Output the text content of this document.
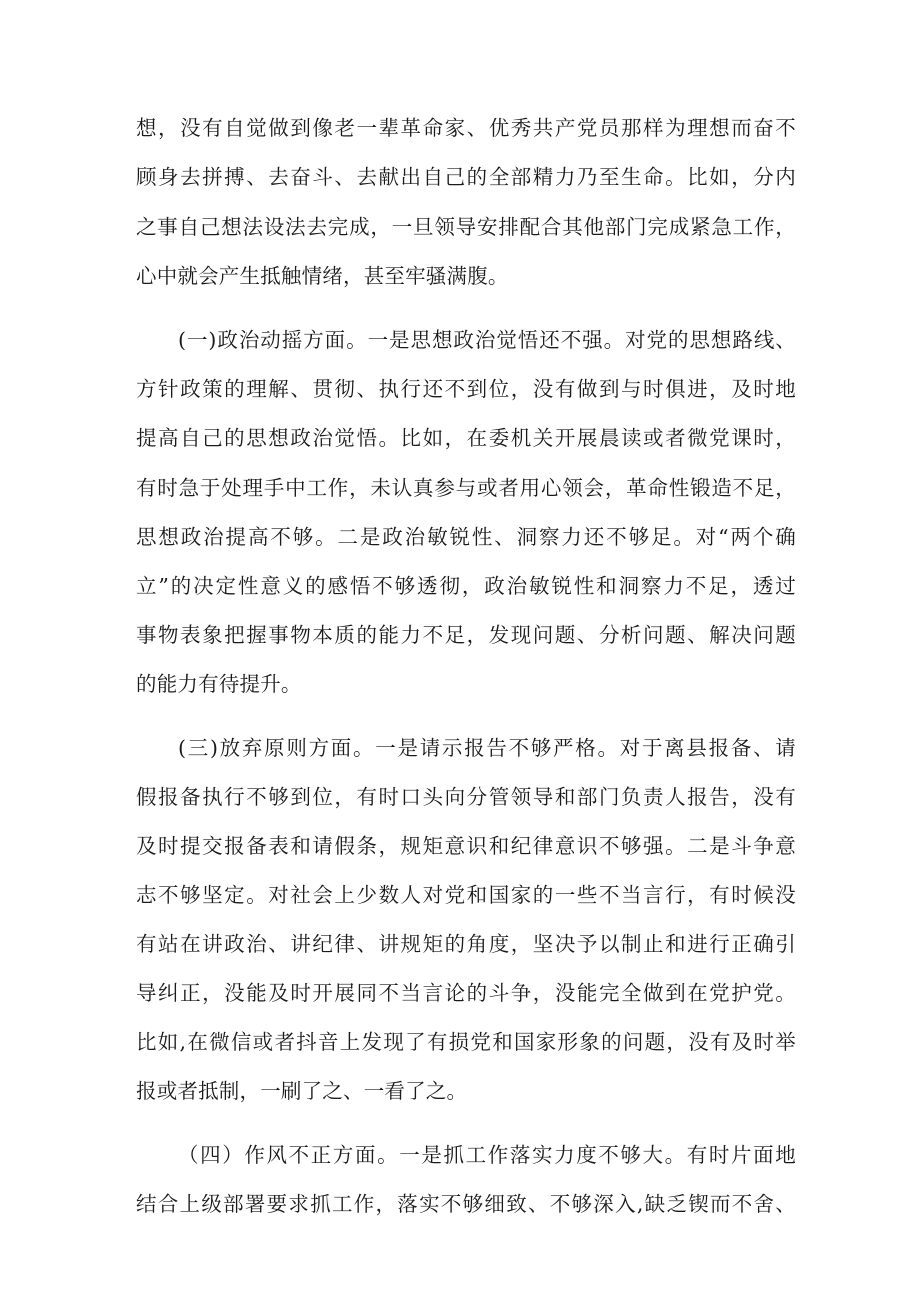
想，没有自觉做到像老一辈革命家、优秀共产党员那样为理想而奋不
顾身去拼搏、去奋斗、去献出自己的全部精力乃至生命。比如，分内
之事自己想法设法去完成，一旦领导安排配合其他部门完成紧急工作，
心中就会产生抵触情绪，甚至牢骚满腹。
(一)政治动摇方面。一是思想政治觉悟还不强。对党的思想路线、
方针政策的理解、贯彻、执行还不到位，没有做到与时俱进，及时地
提高自己的思想政治觉悟。比如，在委机关开展晨读或者微党课时，
有时急于处理手中工作，未认真参与或者用心领会，革命性锻造不足，
思想政治提高不够。二是政治敏锐性、洞察力还不够足。对“两个确
立”的决定性意义的感悟不够透彻，政治敏锐性和洞察力不足，透过
事物表象把握事物本质的能力不足，发现问题、分析问题、解决问题
的能力有待提升。
(三)放弃原则方面。一是请示报告不够严格。对于离县报备、请
假报备执行不够到位，有时口头向分管领导和部门负责人报告，没有
及时提交报备表和请假条，规矩意识和纪律意识不够强。二是斗争意
志不够坚定。对社会上少数人对党和国家的一些不当言行，有时候没
有站在讲政治、讲纪律、讲规矩的角度，坚决予以制止和进行正确引
导纠正，没能及时开展同不当言论的斗争，没能完全做到在党护党。
比如,在微信或者抖音上发现了有损党和国家形象的问题，没有及时举
报或者抵制，一刷了之、一看了之。
（四）作风不正方面。一是抓工作落实力度不够大。有时片面地
结合上级部署要求抓工作，落实不够细致、不够深入,缺乏锲而不舍、
